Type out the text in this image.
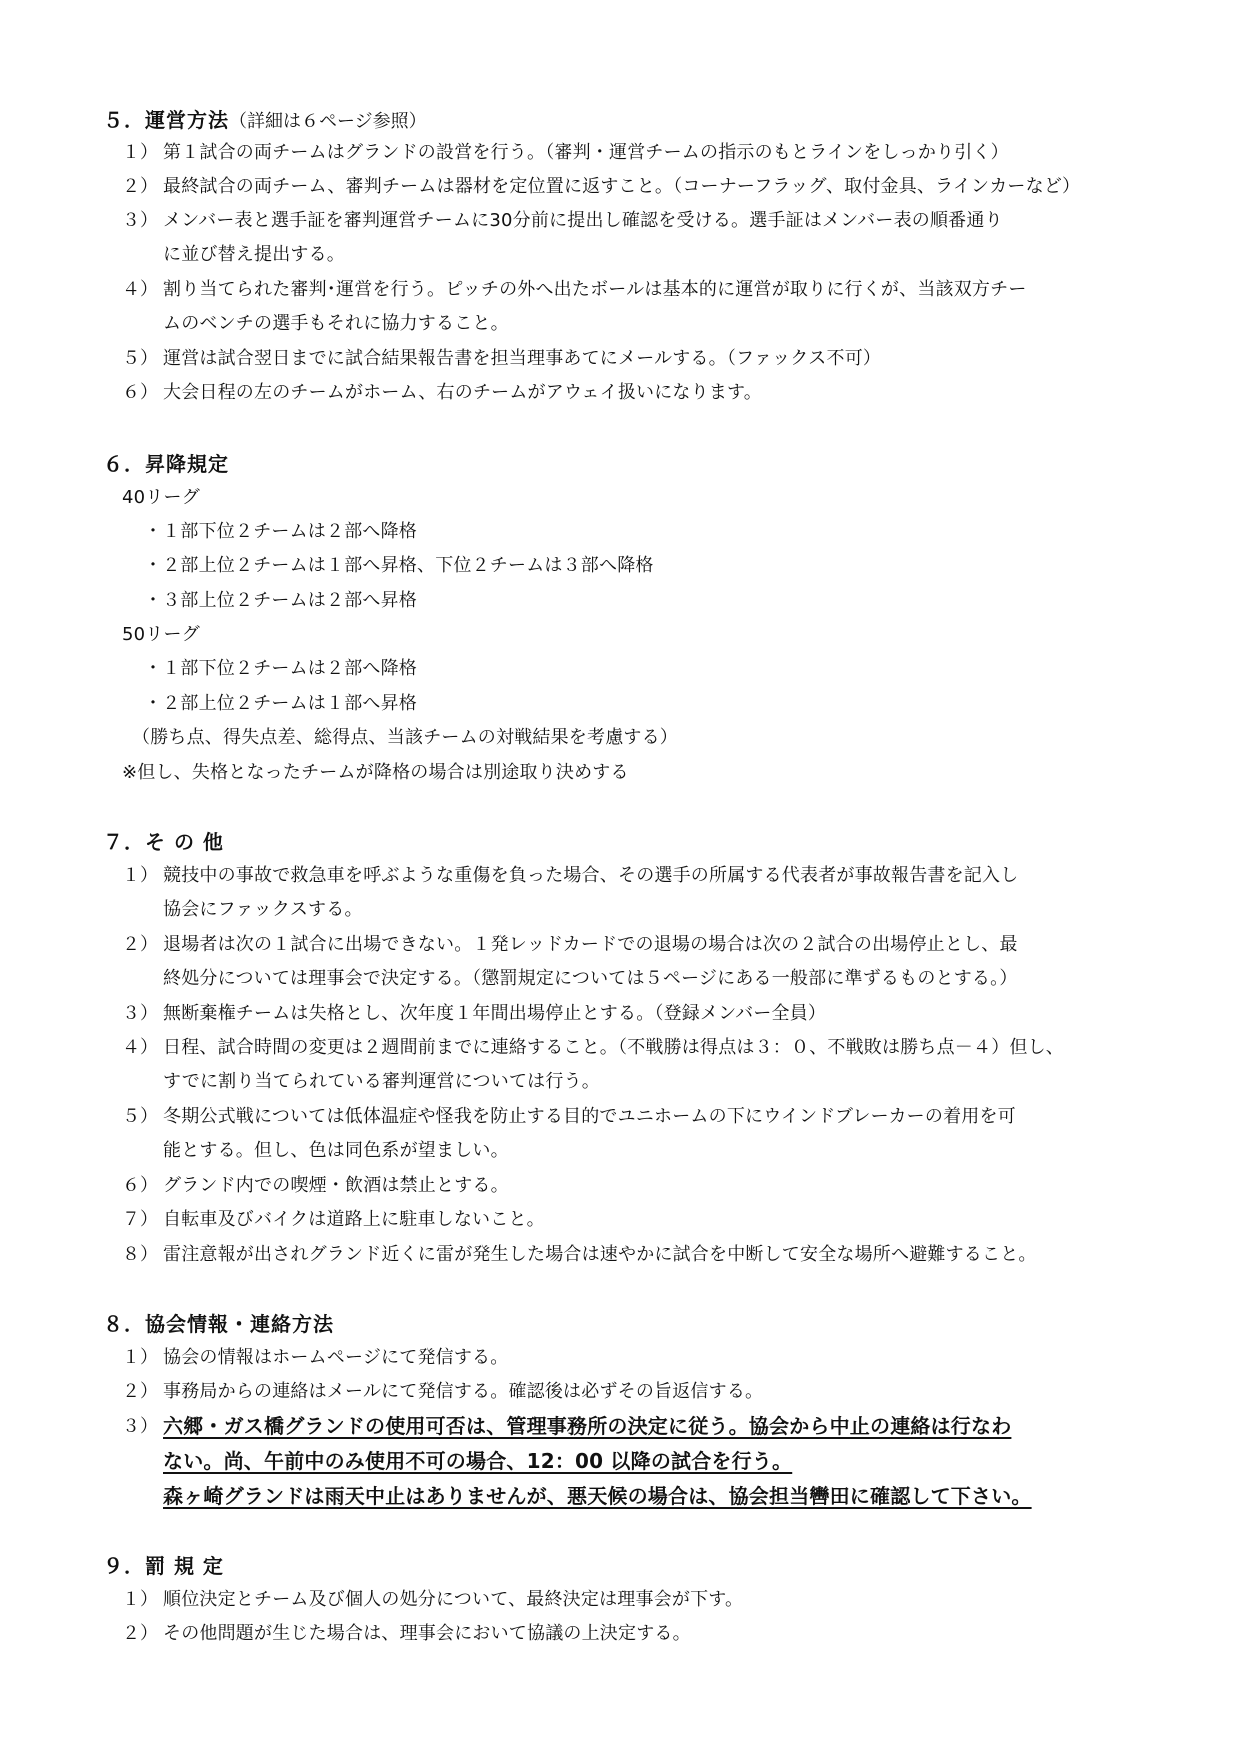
５．運営方法（詳細は６ページ参照）
１） 第１試合の両チームはグランドの設営を行う。（審判・運営チームの指示のもとラインをしっかり引く）
２） 最終試合の両チーム、審判チームは器材を定位置に返すこと。（コーナーフラッグ、取付金具、ラインカーなど）
３） メンバー表と選手証を審判運営チームに30分前に提出し確認を受ける。選手証はメンバー表の順番通り
に並び替え提出する。
４） 割り当てられた審判･運営を行う。ピッチの外へ出たボールは基本的に運営が取りに行くが、当該双方チー
ムのベンチの選手もそれに協力すること。
５） 運営は試合翌日までに試合結果報告書を担当理事あてにメールする。（ファックス不可）
６） 大会日程の左のチームがホーム、右のチームがアウェイ扱いになります。
６．昇降規定
40リーグ
・１部下位２チームは２部へ降格
・２部上位２チームは１部へ昇格、下位２チームは３部へ降格
・３部上位２チームは２部へ昇格
50リーグ
・１部下位２チームは２部へ降格
・２部上位２チームは１部へ昇格
（勝ち点、得失点差、総得点、当該チームの対戦結果を考慮する）
※但し、失格となったチームが降格の場合は別途取り決めする
７．そ の 他
１） 競技中の事故で救急車を呼ぶような重傷を負った場合、その選手の所属する代表者が事故報告書を記入し
協会にファックスする。
２） 退場者は次の１試合に出場できない。１発レッドカードでの退場の場合は次の２試合の出場停止とし、最
終処分については理事会で決定する。（懲罰規定については５ページにある一般部に準ずるものとする。）
３） 無断棄権チームは失格とし、次年度１年間出場停止とする。（登録メンバー全員）
４） 日程、試合時間の変更は２週間前までに連絡すること。（不戦勝は得点は３：０、不戦敗は勝ち点－４）但し、
すでに割り当てられている審判運営については行う。
５） 冬期公式戦については低体温症や怪我を防止する目的でユニホームの下にウインドブレーカーの着用を可
能とする。但し、色は同色系が望ましい。
６） グランド内での喫煙・飲酒は禁止とする。
７） 自転車及びバイクは道路上に駐車しないこと。
８） 雷注意報が出されグランド近くに雷が発生した場合は速やかに試合を中断して安全な場所へ避難すること。
８．協会情報・連絡方法
１） 協会の情報はホームページにて発信する。
２） 事務局からの連絡はメールにて発信する。確認後は必ずその旨返信する。
３） 六郷・ガス橋グランドの使用可否は、管理事務所の決定に従う。協会から中止の連絡は行なわ
ない。尚、午前中のみ使用不可の場合、12：00 以降の試合を行う。
森ヶ崎グランドは雨天中止はありませんが、悪天候の場合は、協会担当轡田に確認して下さい。
９．罰 規 定
１） 順位決定とチーム及び個人の処分について、最終決定は理事会が下す。
２） その他問題が生じた場合は、理事会において協議の上決定する。
